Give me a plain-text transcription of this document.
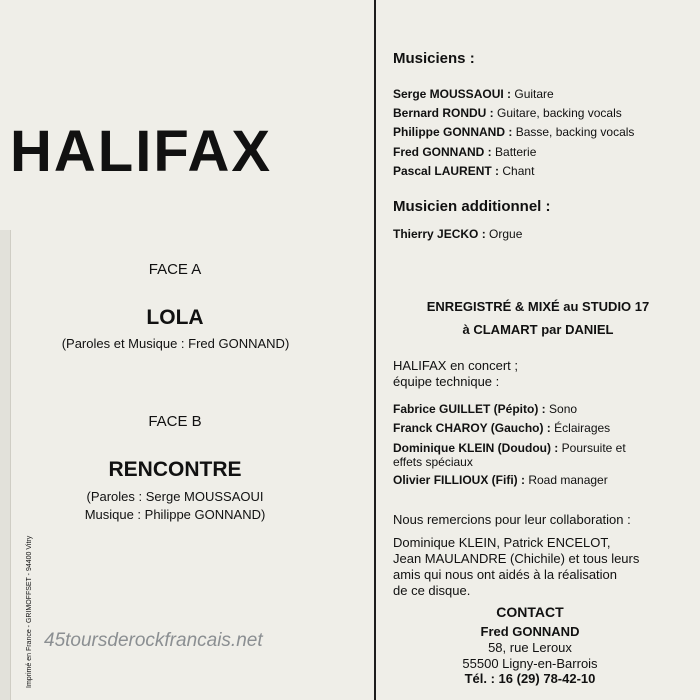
HALIFAX
FACE A
LOLA
(Paroles et Musique : Fred GONNAND)
FACE B
RENCONTRE
(Paroles : Serge MOUSSAOUI
Musique : Philippe GONNAND)
Imprimé en France - GRIMOFFSET - 94400 Vitry 45toursderockfrancais.net
Musiciens :
Serge MOUSSAOUI : Guitare
Bernard RONDU : Guitare, backing vocals
Philippe GONNAND : Basse, backing vocals
Fred GONNAND : Batterie
Pascal LAURENT : Chant
Musicien additionnel :
Thierry JECKO : Orgue
ENREGISTRÉ & MIXÉ au STUDIO 17
à CLAMART par DANIEL
HALIFAX en concert ;
équipe technique :
Fabrice GUILLET (Pépito) : Sono
Franck CHAROY (Gaucho) : Éclairages
Dominique KLEIN (Doudou) : Poursuite et
effets spéciaux
Olivier FILLIOUX (Fifi) : Road manager
Nous remercions pour leur collaboration :
Dominique KLEIN, Patrick ENCELOT,
Jean MAULANDRE (Chichile) et tous leurs
amis qui nous ont aidés à la réalisation
de ce disque.
CONTACT
Fred GONNAND
58, rue Leroux
55500 Ligny-en-Barrois
Tél. : 16 (29) 78-42-10
